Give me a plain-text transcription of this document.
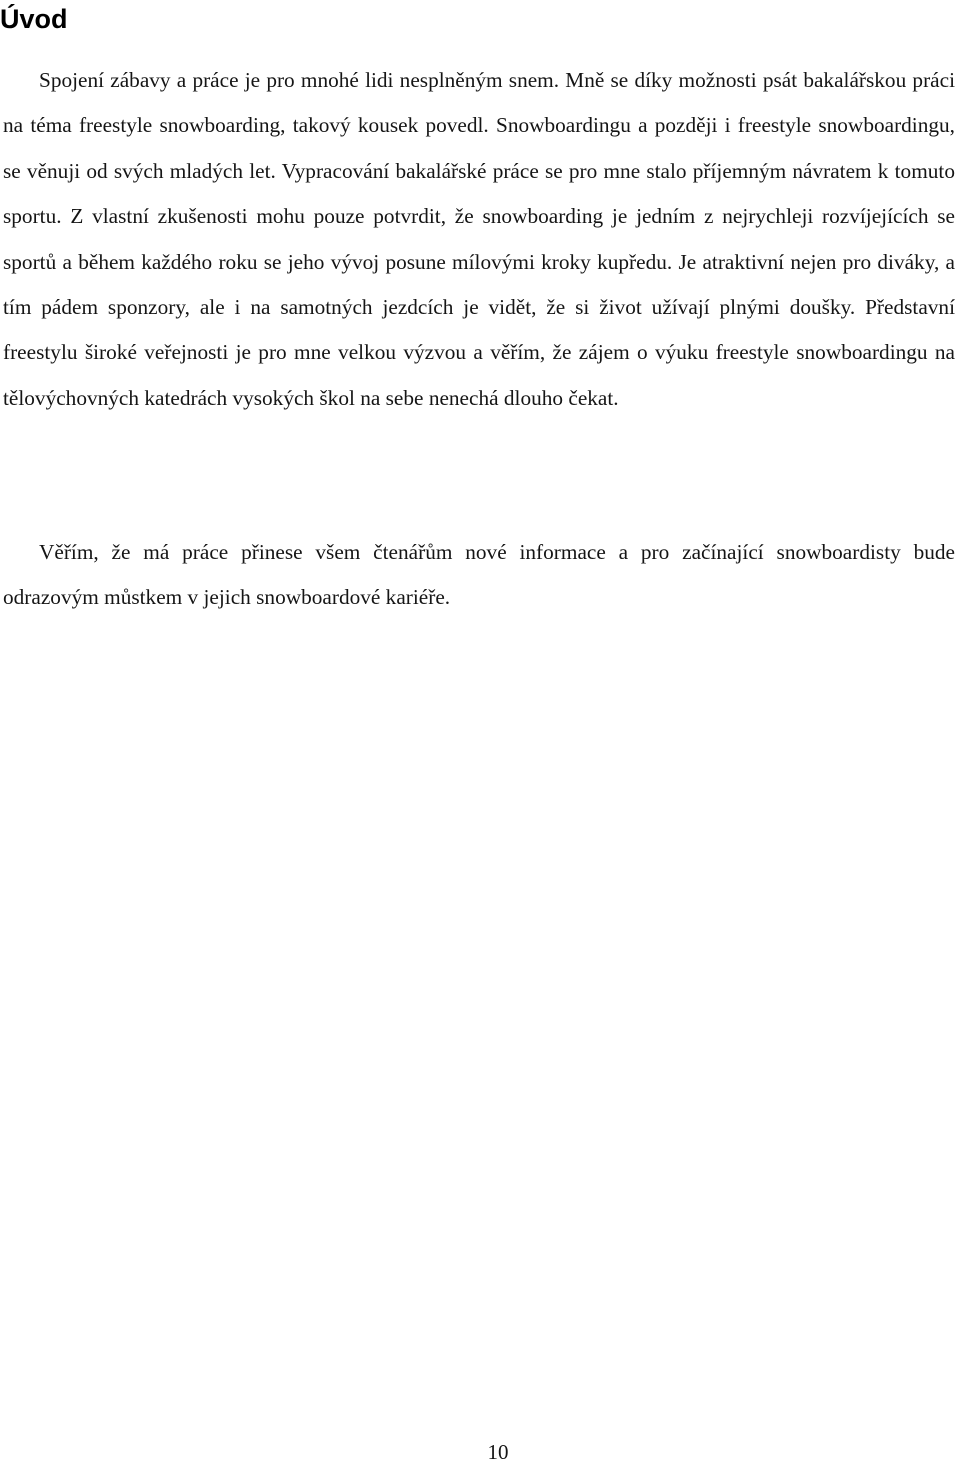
Úvod

Spojení zábavy a práce je pro mnohé lidi nesplněným snem. Mně se díky možnosti psát bakalářskou práci na téma freestyle snowboarding, takový kousek povedl. Snowboardingu a později i freestyle snowboardingu, se věnuji od svých mladých let. Vypracování bakalářské práce se pro mne stalo příjemným návratem k tomuto sportu. Z vlastní zkušenosti mohu pouze potvrdit, že snowboarding je jedním z nejrychleji rozvíjejících se sportů a během každého roku se jeho vývoj posune mílovými kroky kupředu. Je atraktivní nejen pro diváky, a tím pádem sponzory, ale i na samotných jezdcích je vidět, že si život užívají plnými doušky. Představní freestylu široké veřejnosti je pro mne velkou výzvou a věřím, že zájem o výuku freestyle snowboardingu na tělovýchovných katedrách vysokých škol na sebe nenechá dlouho čekat.

Věřím, že má práce přinese všem čtenářům nové informace a pro začínající snowboardisty bude odrazovým můstkem v jejich snowboardové kariéře.

10
